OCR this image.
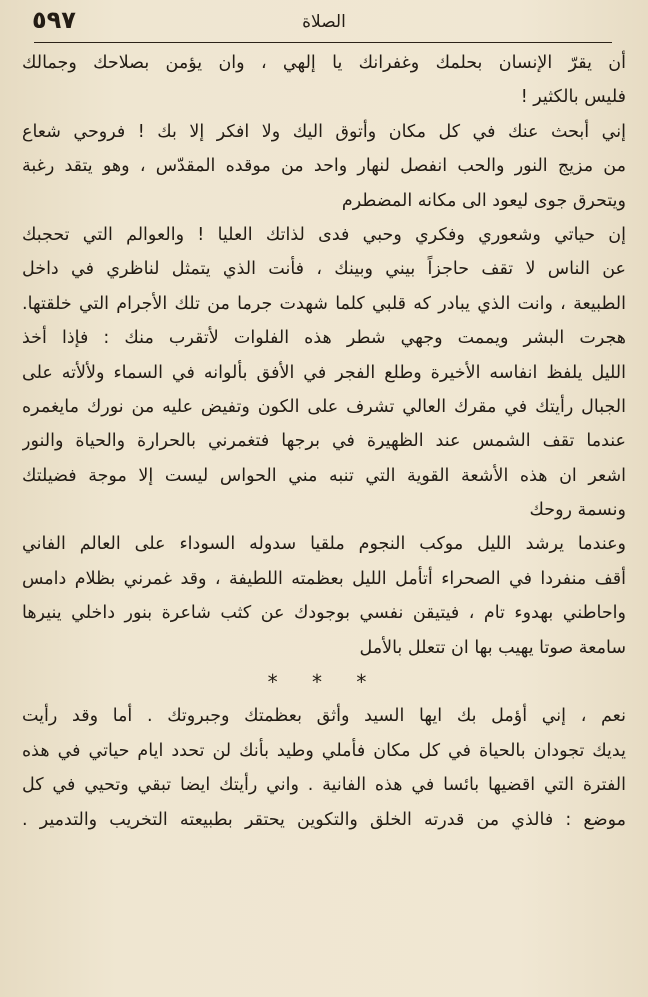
٥٩٧	الصلاة
أن يقرّ الإنسان بحلمك وغفرانك يا إلهي ، وان يؤمن بصلاحك وجمالك
فليس بالكثير !
إني أبحث عنك في كل مكان وأتوق اليك ولا افكر إلا بك ! فروحي شعاع
من مزيج النور والحب انفصل لنهار واحد من موقده المقدّس ، وهو يتقد رغبة
ويتحرق جوى ليعود الى مكانه المضطرم
إن حياتي وشعوري وفكري وحبي فدى لذاتك العليا ! والعوالم التي تحجبك
عن الناس لا تقف حاجزاً بيني وبينك ، فأنت الذي يتمثل لناظري في داخل
الطبيعة ، وانت الذي يبادر كه قلبي كلما شهدت جرما من تلك الأجرام التي خلقتها.
هجرت البشر ويممت وجهي شطر هذه الفلوات لأتقرب منك : فإذا أخذ
الليل يلفظ انفاسه الأخيرة وطلع الفجر في الأفق بألوانه في السماء ولألأته على
الجبال رأيتك في مقرك العالي تشرف على الكون وتفيض عليه من نورك مايغمره
عندما تقف الشمس عند الظهيرة في برجها فتغمرني بالحرارة والحياة والنور
اشعر ان هذه الأشعة القوية التي تنبه مني الحواس ليست إلا موجة فضيلتك
ونسمة روحك
وعندما يرشد الليل موكب النجوم ملقيا سدوله السوداء على العالم الفاني
أقف منفردا في الصحراء أتأمل الليل بعظمته اللطيفة ، وقد غمرني بظلام دامس
واحاطني بهدوء تام ، فيتيقن نفسي بوجودك عن كثب شاعرة بنور داخلي ينيرها
سامعة صوتا يهيب بها ان تتعلل بالأمل
* * *
نعم ، إني أؤمل بك ايها السيد وأثق بعظمتك وجبروتك . أما وقد رأيت
يديك تجودان بالحياة في كل مكان فأملي وطيد بأنك لن تحدد ايام حياتي في هذه
الفترة التي اقضيها بائسا في هذه الفانية . واني رأيتك ايضا تبقي وتحيي في كل
موضع : فالذي من قدرته الخلق والتكوين يحتقر بطبيعته التخريب والتدمير .
